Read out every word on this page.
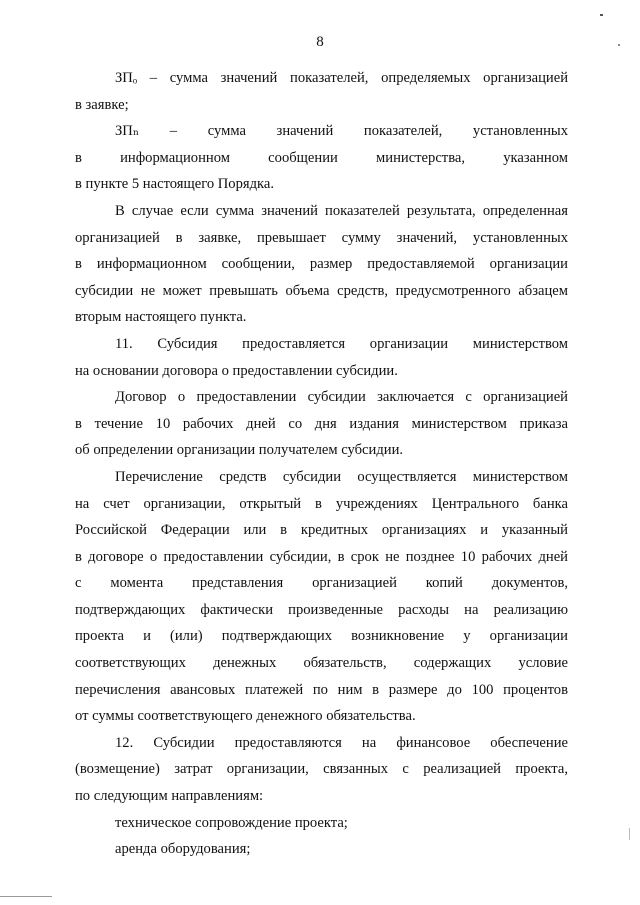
8
ЗПₒ – сумма значений показателей, определяемых организацией
в заявке;
ЗПₙ – сумма значений показателей, установленных
в информационном сообщении министерства, указанном
в пункте 5 настоящего Порядка.
В случае если сумма значений показателей результата, определенная
организацией в заявке, превышает сумму значений, установленных
в информационном сообщении, размер предоставляемой организации
субсидии не может превышать объема средств, предусмотренного абзацем
вторым настоящего пункта.
11. Субсидия предоставляется организации министерством
на основании договора о предоставлении субсидии.
Договор о предоставлении субсидии заключается с организацией
в течение 10 рабочих дней со дня издания министерством приказа
об определении организации получателем субсидии.
Перечисление средств субсидии осуществляется министерством
на счет организации, открытый в учреждениях Центрального банка
Российской Федерации или в кредитных организациях и указанный
в договоре о предоставлении субсидии, в срок не позднее 10 рабочих дней
с момента представления организацией копий документов,
подтверждающих фактически произведенные расходы на реализацию
проекта и (или) подтверждающих возникновение у организации
соответствующих денежных обязательств, содержащих условие
перечисления авансовых платежей по ним в размере до 100 процентов
от суммы соответствующего денежного обязательства.
12. Субсидии предоставляются на финансовое обеспечение
(возмещение) затрат организации, связанных с реализацией проекта,
по следующим направлениям:
техническое сопровождение проекта;
аренда оборудования;
